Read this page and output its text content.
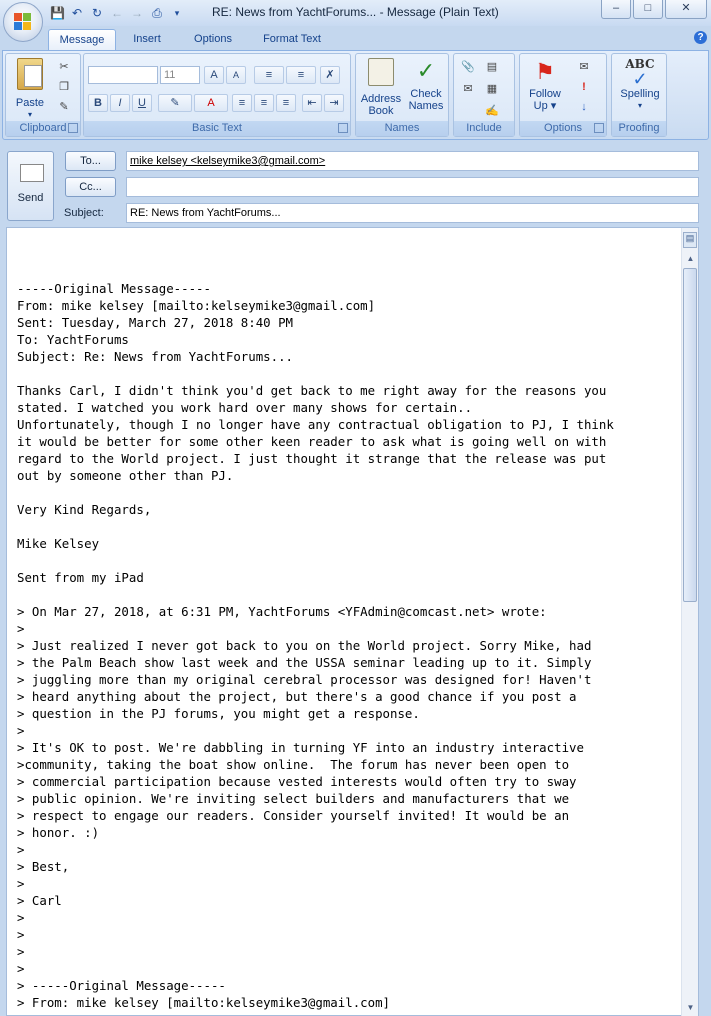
💾 ↶ ↻ ← → ⎙	▾	RE: News from YachtForums... - Message (Plain Text)	–	□	✕
Message	Insert	Options	Format Text	?
Paste
▾
✂
❐
✎
Clipboard
11	A	A	≡	≡	✗
B	I	U	✎	A	≡	≡	≡	⇤	⇥
Basic Text
Address
Book
✓
Check
Names
Names
📎 ▤
✉	▦
✍
Include
⚑
Follow
Up ▾
✉
!
↓
Options
ABC
✓
Spelling
▾
Proofing
Send
To...	mike kelsey <kelseymike3@gmail.com>
Cc...
Subject:	RE: News from YachtForums...

-----Original Message-----
From: mike kelsey [mailto:kelseymike3@gmail.com]
Sent: Tuesday, March 27, 2018 8:40 PM
To: YachtForums
Subject: Re: News from YachtForums...

Thanks Carl, I didn't think you'd get back to me right away for the reasons you
stated. I watched you work hard over many shows for certain..
Unfortunately, though I no longer have any contractual obligation to PJ, I think
it would be better for some other keen reader to ask what is going well on with
regard to the World project. I just thought it strange that the release was put
out by someone other than PJ.

Very Kind Regards,

Mike Kelsey

Sent from my iPad

> On Mar 27, 2018, at 6:31 PM, YachtForums <YFAdmin@comcast.net> wrote:
>
> Just realized I never got back to you on the World project. Sorry Mike, had
> the Palm Beach show last week and the USSA seminar leading up to it. Simply
> juggling more than my original cerebral processor was designed for! Haven't
> heard anything about the project, but there's a good chance if you post a
> question in the PJ forums, you might get a response.
>
> It's OK to post. We're dabbling in turning YF into an industry interactive
>community, taking the boat show online.  The forum has never been open to
> commercial participation because vested interests would often try to sway
> public opinion. We're inviting select builders and manufacturers that we
> respect to engage our readers. Consider yourself invited! It would be an
> honor. :)
>
> Best,
>
> Carl
>
>
>
>
> -----Original Message-----
> From: mike kelsey [mailto:kelseymike3@gmail.com]
▤
▲
▼
